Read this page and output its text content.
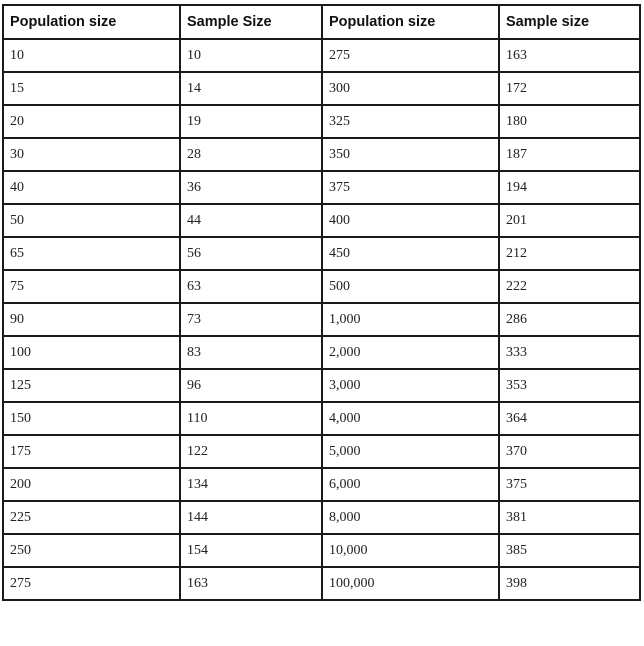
Population size	Sample Size	Population size	Sample size
10	10	275	163
15	14	300	172
20	19	325	180
30	28	350	187
40	36	375	194
50	44	400	201
65	56	450	212
75	63	500	222
90	73	1,000	286
100	83	2,000	333
125	96	3,000	353
150	110	4,000	364
175	122	5,000	370
200	134	6,000	375
225	144	8,000	381
250	154	10,000	385
275	163	100,000	398
